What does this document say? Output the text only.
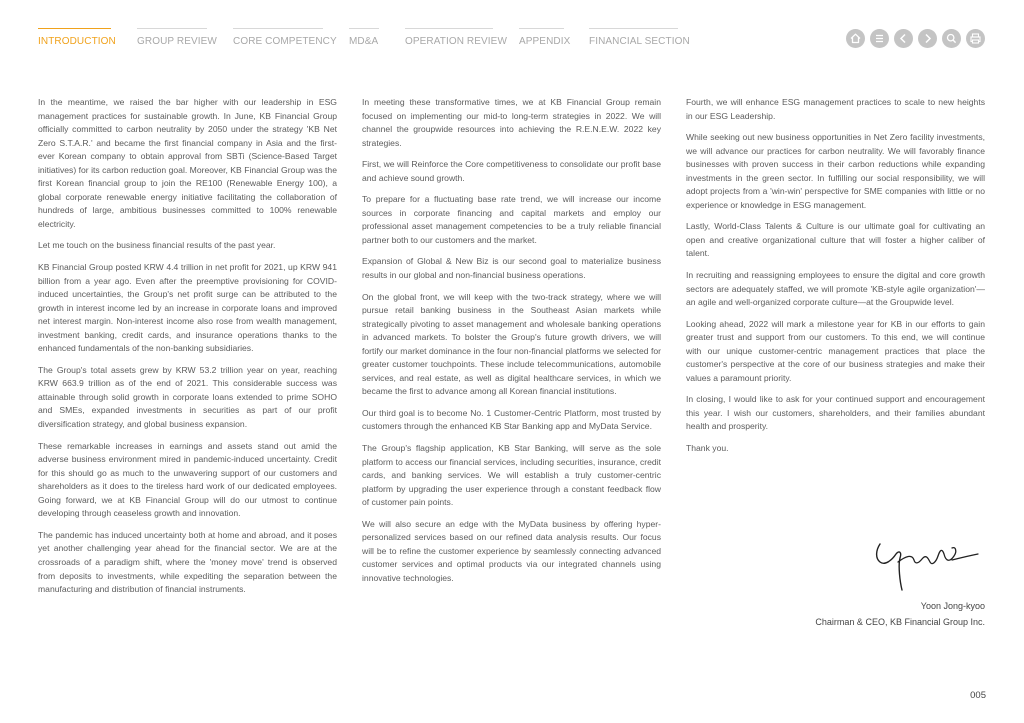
INTRODUCTION GROUP REVIEW CORE COMPETENCY MD&A	OPERATION REVIEW APPENDIX FINANCIAL SECTION

In the meantime, we raised the bar higher with our leadership in ESG management practices for sustainable growth. In June, KB Financial Group officially committed to carbon neutrality by 2050 under the strategy 'KB Net Zero S.T.A.R.' and became the first financial company in Asia and the first-ever Korean company to obtain approval from SBTi (Science-Based Target initiatives) for its carbon reduction goal. Moreover, KB Financial Group was the first Korean financial group to join the RE100 (Renewable Energy 100), a global corporate renewable energy initiative facilitating the collaboration of hundreds of large, ambitious businesses committed to 100% renewable electricity.

Let me touch on the business financial results of the past year.

KB Financial Group posted KRW 4.4 trillion in net profit for 2021, up KRW 941 billion from a year ago. Even after the preemptive provisioning for COVID-induced uncertainties, the Group's net profit surge can be attributed to the growth in interest income led by an increase in corporate loans and improved net interest margin. Non-interest income also rose from wealth management, investment banking, credit cards, and insurance operations thanks to the enhanced fundamentals of the non-banking subsidiaries.

The Group's total assets grew by KRW 53.2 trillion year on year, reaching KRW 663.9 trillion as of the end of 2021. This considerable success was attainable through solid growth in corporate loans extended to prime SOHO and SMEs, expanded investments in securities as part of our profit diversification strategy, and global business expansion.

These remarkable increases in earnings and assets stand out amid the adverse business environment mired in pandemic-induced uncertainty. Credit for this should go as much to the unwavering support of our customers and shareholders as it does to the tireless hard work of our dedicated employees. Going forward, we at KB Financial Group will do our utmost to continue developing through ceaseless growth and innovation.

The pandemic has induced uncertainty both at home and abroad, and it poses yet another challenging year ahead for the financial sector. We are at the crossroads of a paradigm shift, where the 'money move' trend is observed from deposits to investments, while expediting the separation between the manufacturing and distribution of financial instruments.

In meeting these transformative times, we at KB Financial Group remain focused on implementing our mid-to long-term strategies in 2022. We will channel the groupwide resources into achieving the R.E.N.E.W. 2022 key strategies.

First, we will Reinforce the Core competitiveness to consolidate our profit base and achieve sound growth.

To prepare for a fluctuating base rate trend, we will increase our income sources in corporate financing and capital markets and employ our professional asset management competencies to be a truly reliable financial partner both to our customers and the market.

Expansion of Global & New Biz is our second goal to materialize business results in our global and non-financial business operations.

On the global front, we will keep with the two-track strategy, where we will pursue retail banking business in the Southeast Asian markets while strategically pivoting to asset management and wholesale banking operations in advanced markets. To bolster the Group's future growth drivers, we will fortify our market dominance in the four non-financial platforms we selected for greater customer touchpoints. These include telecommunications, automobile services, and real estate, as well as digital healthcare services, in which we became the first to advance among all Korean financial institutions.

Our third goal is to become No. 1 Customer-Centric Platform, most trusted by customers through the enhanced KB Star Banking app and MyData Service.

The Group's flagship application, KB Star Banking, will serve as the sole platform to access our financial services, including securities, insurance, credit cards, and banking services. We will establish a truly customer-centric platform by upgrading the user experience through a constant feedback flow of customer pain points.

We will also secure an edge with the MyData business by offering hyper-personalized services based on our refined data analysis results. Our focus will be to refine the customer experience by seamlessly connecting advanced customer services and optimal products via our integrated channels using innovative technologies.

Fourth, we will enhance ESG management practices to scale to new heights in our ESG Leadership.

While seeking out new business opportunities in Net Zero facility investments, we will advance our practices for carbon neutrality. We will favorably finance businesses with proven success in their carbon reductions while expanding investments in the green sector. In fulfilling our social responsibility, we will adopt projects from a 'win-win' perspective for SME companies with little or no experience or knowledge in ESG management.

Lastly, World-Class Talents & Culture is our ultimate goal for cultivating an open and creative organizational culture that will foster a higher caliber of talent.

In recruiting and reassigning employees to ensure the digital and core growth sectors are adequately staffed, we will promote 'KB-style agile organization'—an agile and well-organized corporate culture—at the Groupwide level.

Looking ahead, 2022 will mark a milestone year for KB in our efforts to gain greater trust and support from our customers. To this end, we will continue with our unique customer-centric management practices that place the customer's perspective at the core of our business strategies and make their values a paramount priority.

In closing, I would like to ask for your continued support and encouragement this year. I wish our customers, shareholders, and their families abundant health and prosperity.

Thank you.

Yoon Jong-kyoo
Chairman & CEO, KB Financial Group Inc.
005
